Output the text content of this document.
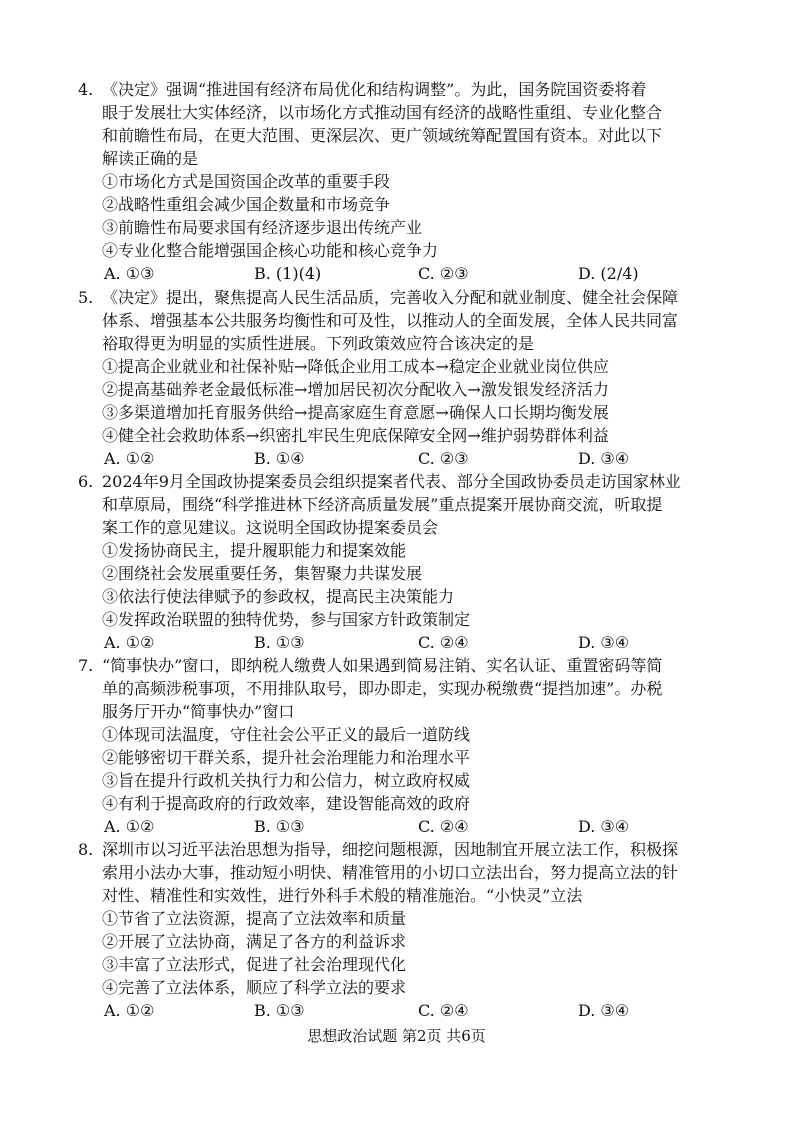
4. 《决定》强调“推进国有经济布局优化和结构调整”。为此，国务院国资委将着
眼于发展壮大实体经济，以市场化方式推动国有经济的战略性重组、专业化整合
和前瞻性布局，在更大范围、更深层次、更广领域统筹配置国有资本。对此以下
解读正确的是
①市场化方式是国资国企改革的重要手段
②战略性重组会减少国企数量和市场竞争
③前瞻性布局要求国有经济逐步退出传统产业
④专业化整合能增强国企核心功能和核心竞争力
A. ①③	B. (1)(4)	C. ②③	D. (2/4)
5. 《决定》提出，聚焦提高人民生活品质，完善收入分配和就业制度、健全社会保障
体系、增强基本公共服务均衡性和可及性，以推动人的全面发展，全体人民共同富
裕取得更为明显的实质性进展。下列政策效应符合该决定的是
①提高企业就业和社保补贴→降低企业用工成本→稳定企业就业岗位供应
②提高基础养老金最低标准→增加居民初次分配收入→激发银发经济活力
③多渠道增加托育服务供给→提高家庭生育意愿→确保人口长期均衡发展
④健全社会救助体系→织密扎牢民生兜底保障安全网→维护弱势群体利益
A. ①②	B. ①④	C. ②③	D. ③④
6. 2024年9月全国政协提案委员会组织提案者代表、部分全国政协委员走访国家林业
和草原局，围绕“科学推进林下经济高质量发展”重点提案开展协商交流，听取提
案工作的意见建议。这说明全国政协提案委员会
①发扬协商民主，提升履职能力和提案效能
②围绕社会发展重要任务，集智聚力共谋发展
③依法行使法律赋予的参政权，提高民主决策能力
④发挥政治联盟的独特优势，参与国家方针政策制定
A. ①②	B. ①③	C. ②④	D. ③④
7. “简事快办”窗口，即纳税人缴费人如果遇到简易注销、实名认证、重置密码等简
单的高频涉税事项，不用排队取号，即办即走，实现办税缴费“提挡加速”。办税
服务厅开办“简事快办”窗口
①体现司法温度，守住社会公平正义的最后一道防线
②能够密切干群关系，提升社会治理能力和治理水平
③旨在提升行政机关执行力和公信力，树立政府权威
④有利于提高政府的行政效率，建设智能高效的政府
A. ①②	B. ①③	C. ②④	D. ③④
8. 深圳市以习近平法治思想为指导，细挖问题根源，因地制宜开展立法工作，积极探
索用小法办大事，推动短小明快、精准管用的小切口立法出台，努力提高立法的针
对性、精准性和实效性，进行外科手术般的精准施治。“小快灵”立法
①节省了立法资源，提高了立法效率和质量
②开展了立法协商，满足了各方的利益诉求
③丰富了立法形式，促进了社会治理现代化
④完善了立法体系，顺应了科学立法的要求
A. ①②	B. ①③	C. ②④	D. ③④
思想政治试题 第2页 共6页
